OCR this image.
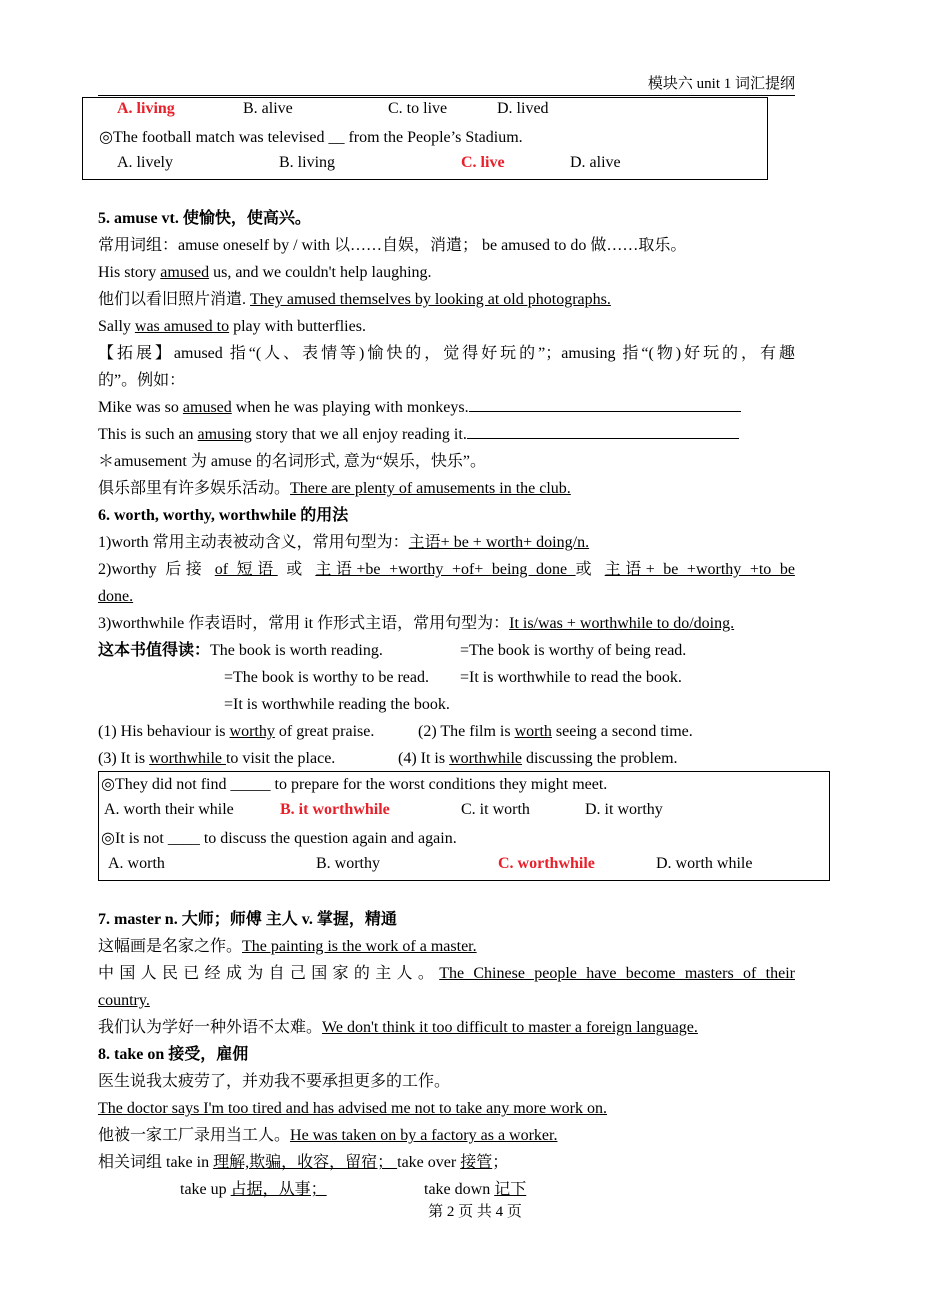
模块六 unit 1 词汇提纲
A. living	B. alive	C. to live	D. lived
◎The football match was televised __ from the People’s Stadium.
A. lively	B. living	C. live	D. alive
5. amuse vt. 使愉快，使高兴。
常用词组：amuse oneself by / with 以……自娱，消遣； be amused to do 做……取乐。
His story amused us, and we couldn't help laughing.
他们以看旧照片消遣. They amused themselves by looking at old photographs.
Sally was amused to play with butterflies.
【拓展】amused 指“(人、表情等)愉快的，觉得好玩的”；amusing 指“(物)好玩的，有趣
的”。例如：
Mike was so amused when he was playing with monkeys.
This is such an amusing story that we all enjoy reading it.
＊amusement 为 amuse 的名词形式, 意为“娱乐，快乐”。
俱乐部里有许多娱乐活动。There are plenty of amusements in the club.
6. worth, worthy, worthwhile 的用法
1)worth 常用主动表被动含义，常用句型为：主语+ be + worth+ doing/n.
2)worthy 后接 of 短语 或 主语+be +worthy +of+ being done 或 主语+ be +worthy +to be
done.
3)worthwhile 作表语时，常用 it 作形式主语，常用句型为：It is/was + worthwhile to do/doing.
这本书值得读：The book is worth reading.	=The book is worthy of being read.
=The book is worthy to be read. =It is worthwhile to read the book.
=It is worthwhile reading the book.
(1) His behaviour is worthy of great praise.	(2) The film is worth seeing a second time.
(3) It is worthwhile to visit the place.	(4) It is worthwhile discussing the problem.
◎They did not find _____ to prepare for the worst conditions they might meet.
A. worth their while	B. it worthwhile	C. it worth	D. it worthy
◎It is not ____ to discuss the question again and again.
A. worth	B. worthy	C. worthwhile	D. worth while
7. master n. 大师；师傅 主人 v. 掌握，精通
这幅画是名家之作。The painting is the work of a master.
中国人民已经成为自己国家的主人。The Chinese people have become masters of their
country.
我们认为学好一种外语不太难。We don't think it too difficult to master a foreign language.
8. take on 接受，雇佣
医生说我太疲劳了，并劝我不要承担更多的工作。
The doctor says I'm too tired and has advised me not to take any more work on.
他被一家工厂录用当工人。He was taken on by a factory as a worker.
相关词组 take in 理解,欺骗，收容，留宿； take over 接管；
take up 占据，从事；	take down 记下
第 2 页 共 4 页
